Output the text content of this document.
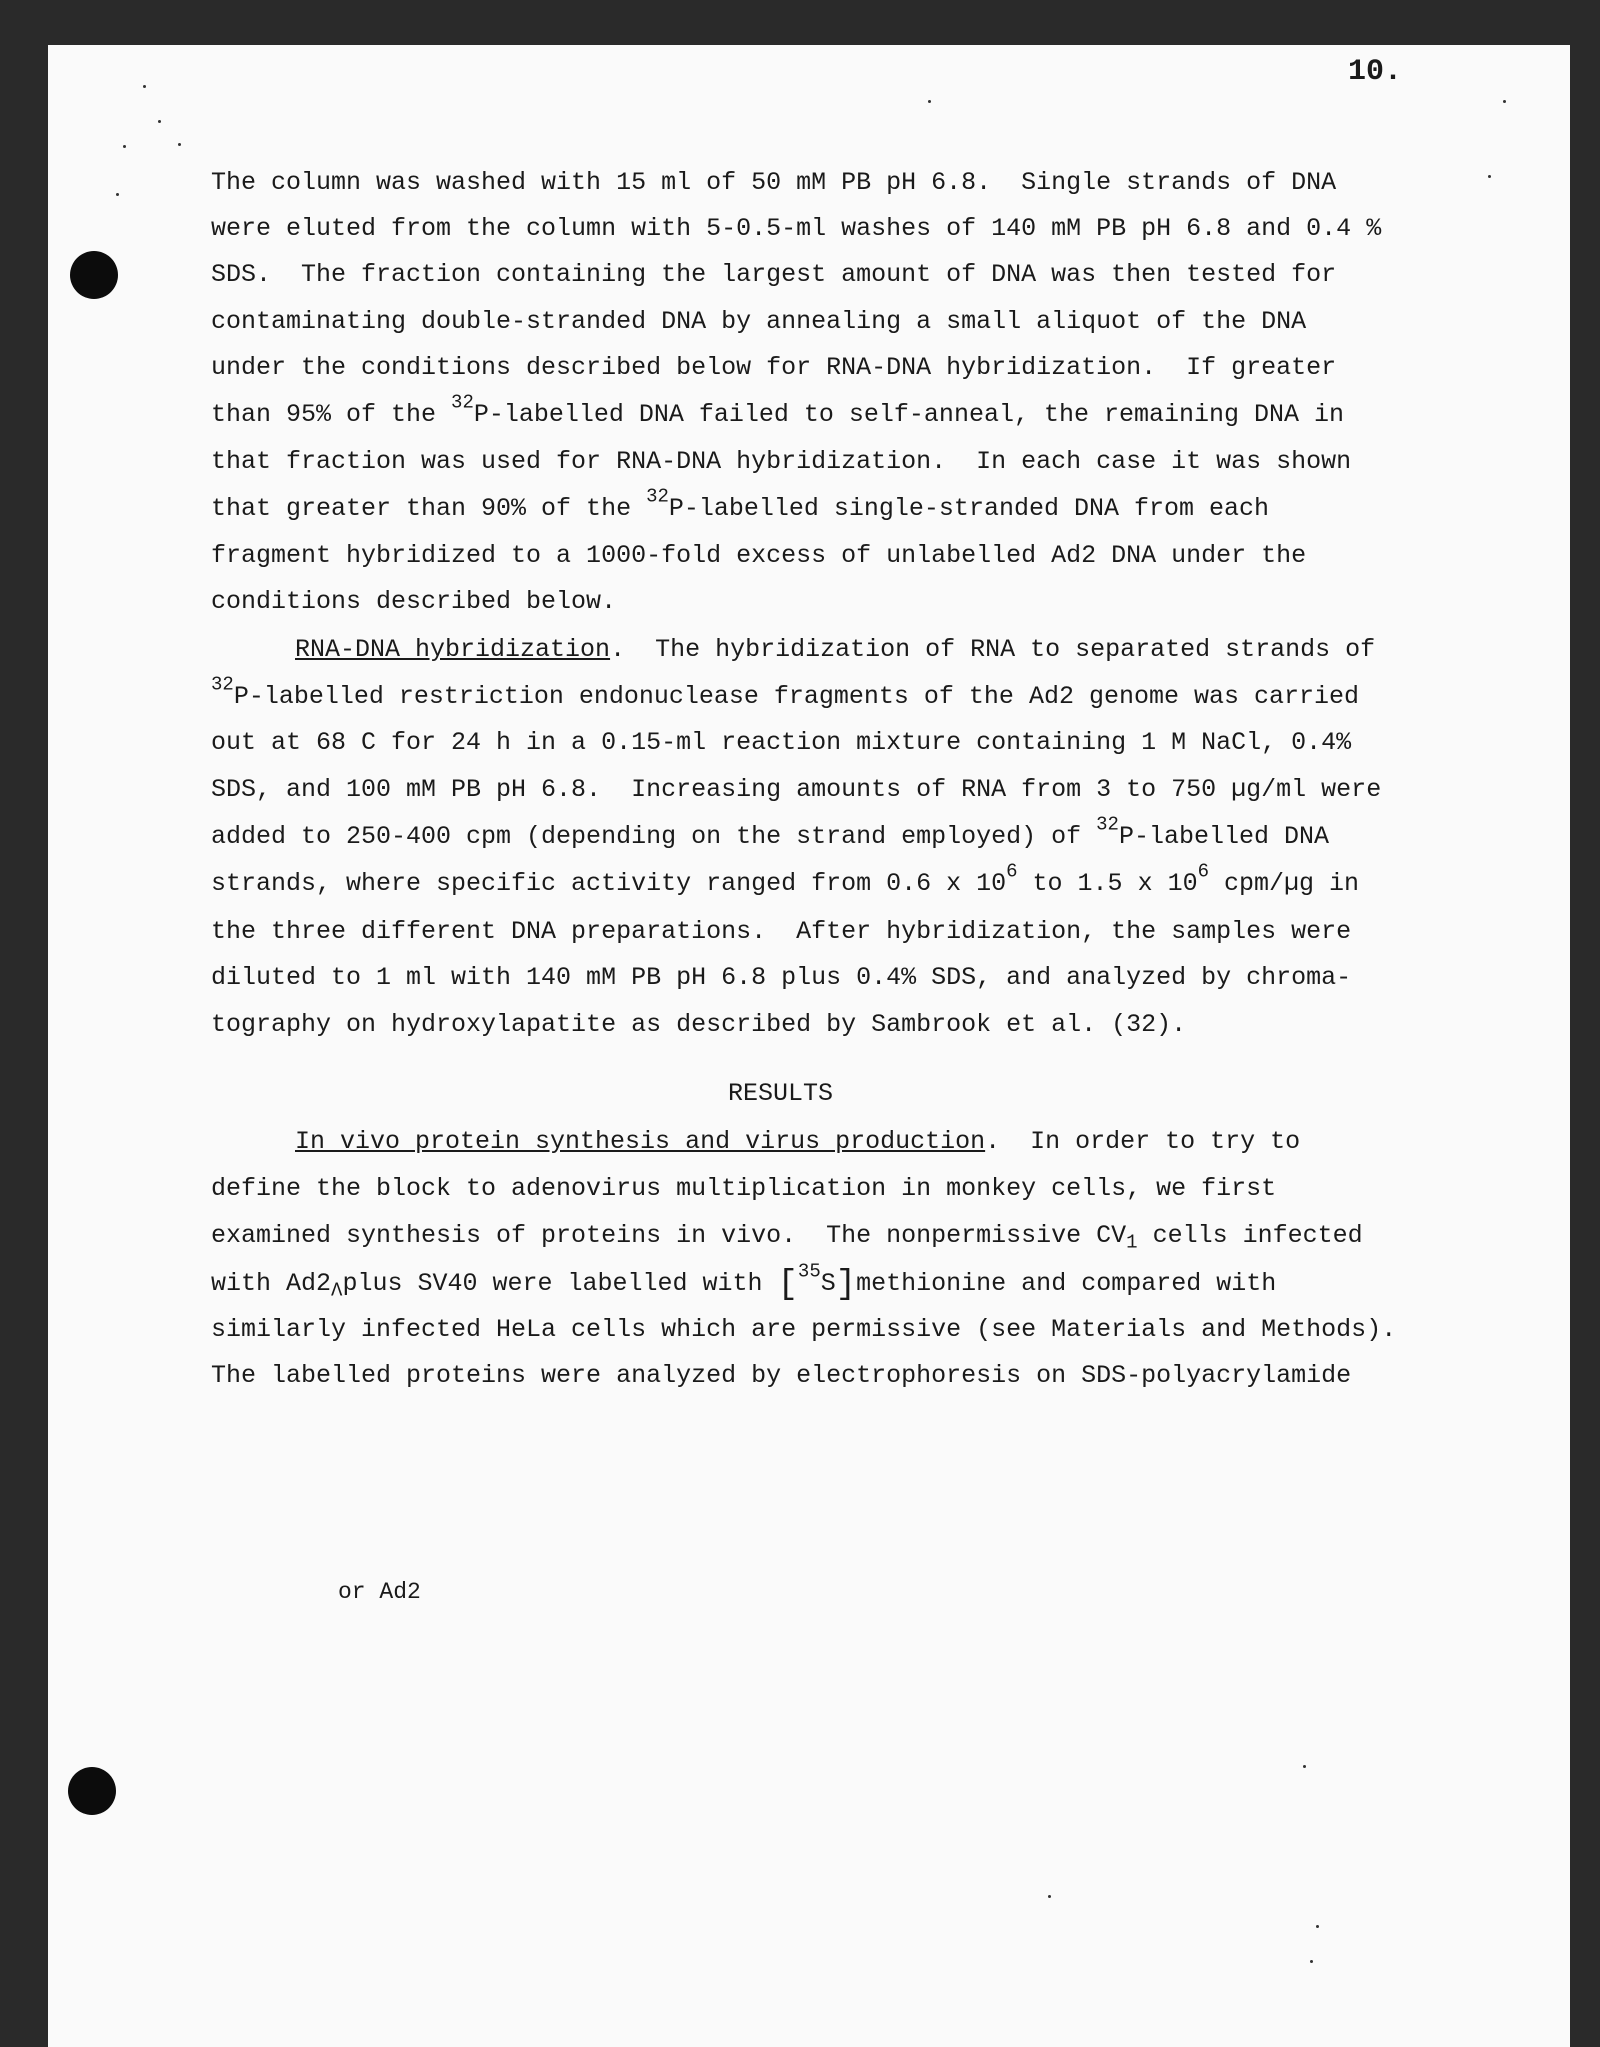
10.
The column was washed with 15 ml of 50 mM PB pH 6.8.  Single strands of DNA
were eluted from the column with 5-0.5-ml washes of 140 mM PB pH 6.8 and 0.4 %
SDS.  The fraction containing the largest amount of DNA was then tested for
contaminating double-stranded DNA by annealing a small aliquot of the DNA
under the conditions described below for RNA-DNA hybridization.  If greater
than 95% of the $^{32}$P-labelled DNA failed to self-anneal, the remaining DNA in
that fraction was used for RNA-DNA hybridization.  In each case it was shown
that greater than 90% of the $^{32}$P-labelled single-stranded DNA from each
fragment hybridized to a 1000-fold excess of unlabelled Ad2 DNA under the
conditions described below.
RNA-DNA hybridization.  The hybridization of RNA to separated strands of
$^{32}$P-labelled restriction endonuclease fragments of the Ad2 genome was carried
out at 68 C for 24 h in a 0.15-ml reaction mixture containing 1 M NaCl, 0.4%
SDS, and 100 mM PB pH 6.8.  Increasing amounts of RNA from 3 to 750 µg/ml were
added to 250-400 cpm (depending on the strand employed) of $^{32}$P-labelled DNA
strands, where specific activity ranged from 0.6 x $10^6$ to 1.5 x $10^6$ cpm/µg in
the three different DNA preparations.  After hybridization, the samples were
diluted to 1 ml with 140 mM PB pH 6.8 plus 0.4% SDS, and analyzed by chroma-
tography on hydroxylapatite as described by Sambrook et al. (32).
RESULTS
In vivo protein synthesis and virus production.  In order to try to
define the block to adenovirus multiplication in monkey cells, we first
examined synthesis of proteins in vivo.  The nonpermissive $CV_1$ cells infected
or Ad2
with $Ad2_\Lambda plus$ SV40 were labelled with [$^{35}$S]methionine and compared with
similarly infected HeLa cells which are permissive (see Materials and Methods).
The labelled proteins were analyzed by electrophoresis on SDS-polyacrylamide
